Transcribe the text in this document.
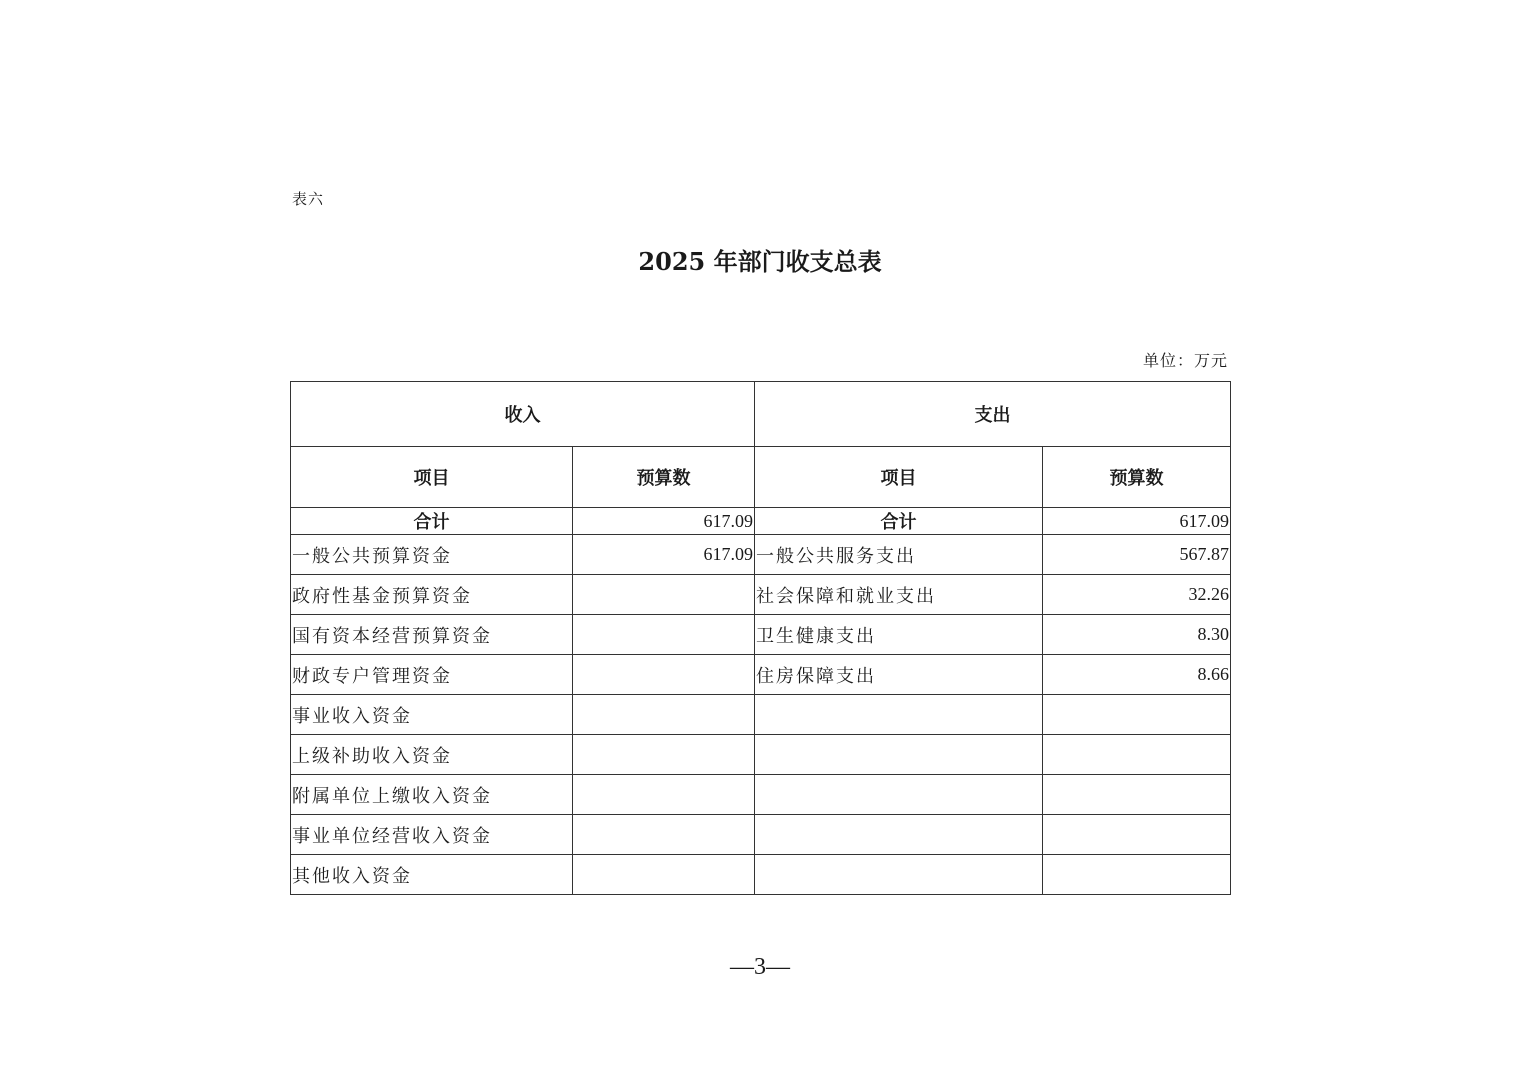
表六
2025 年部门收支总表
单位：万元
收入		支出	
项目	预算数	项目	预算数
合计	617.09	合计	617.09
一般公共预算资金	617.09	一般公共服务支出	567.87
政府性基金预算资金		社会保障和就业支出	32.26
国有资本经营预算资金		卫生健康支出	8.30
财政专户管理资金		住房保障支出	8.66
事业收入资金			
上级补助收入资金			
附属单位上缴收入资金			
事业单位经营收入资金			
其他收入资金			
—3—
